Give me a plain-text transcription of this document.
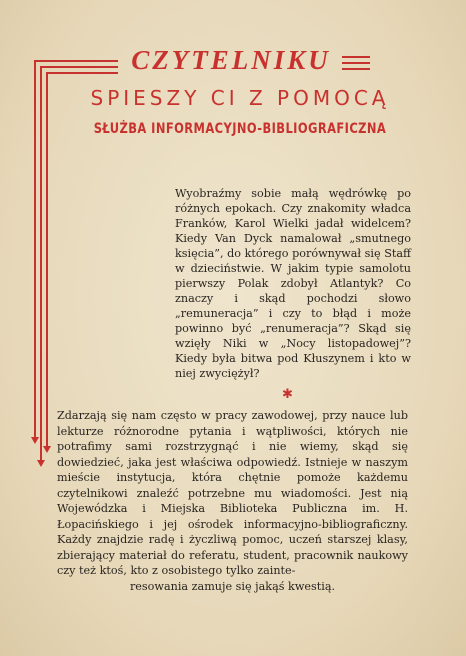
CZYTELNIKU
SPIESZY CI Z POMOCĄ
SŁUŻBA INFORMACYJNO-BIBLIOGRAFICZNA

Wyobraźmy sobie małą wędrówkę po różnych epokach. Czy znakomity władca Franków, Karol Wielki jadał widelcem? Kiedy Van Dyck namalował „smutnego księcia”, do którego porównywał się Staff w dzieciństwie. W jakim typie samolotu pierwszy Polak zdobył Atlantyk? Co znaczy i skąd pochodzi słowo „remuneracja” i czy to błąd i może powinno być „renumeracja”? Skąd się wzięły Niki w „Nocy listopadowej”? Kiedy była bitwa pod Kłuszynem i kto w niej zwyciężył?

✱

Zdarzają się nam często w pracy zawodowej, przy nauce lub lekturze różnorodne pytania i wątpliwości, których nie potrafimy sami rozstrzygnąć i nie wiemy, skąd się dowiedzieć, jaka jest właściwa odpowiedź. Istnieje w naszym mieście instytucja, która chętnie pomoże każdemu czytelnikowi znaleźć potrzebne mu wiadomości. Jest nią Wojewódzka i Miejska Biblioteka Publiczna im. H. Łopacińskiego i jej ośrodek informacyjno-bibliograficzny. Każdy znajdzie radę i życzliwą pomoc, uczeń starszej klasy, zbierający materiał do referatu, student, pracownik naukowy czy też ktoś, kto z osobistego tylko zainte-

resowania zamuje się jakąś kwestią.
